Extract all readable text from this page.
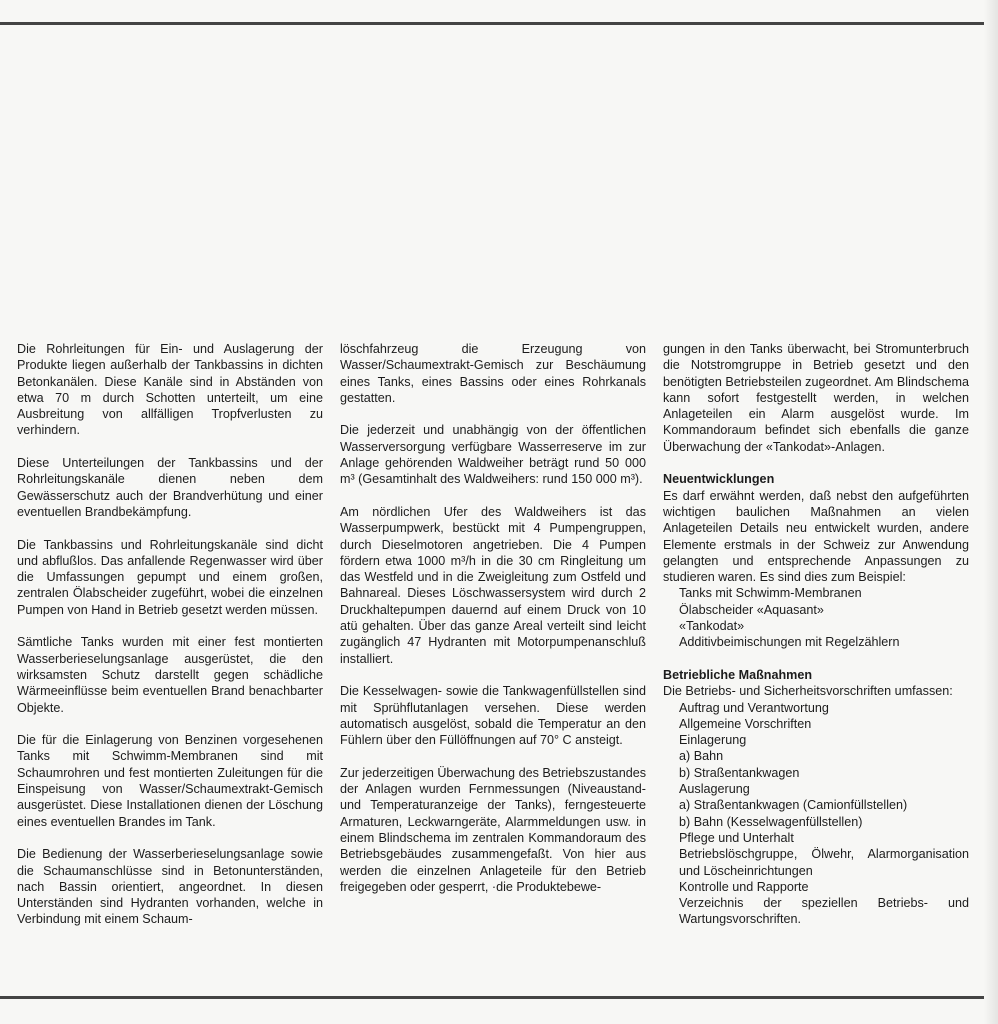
Die Rohrleitungen für Ein- und Auslagerung der Produkte liegen außerhalb der Tankbassins in dichten Betonkanälen. Diese Kanäle sind in Abständen von etwa 70 m durch Schotten unterteilt, um eine Ausbreitung von allfälligen Tropfverlusten zu verhindern.

Diese Unterteilungen der Tankbassins und der Rohrleitungskanäle dienen neben dem Gewässerschutz auch der Brandverhütung und einer eventuellen Brandbekämpfung.

Die Tankbassins und Rohrleitungskanäle sind dicht und abflußlos. Das anfallende Regenwasser wird über die Umfassungen gepumpt und einem großen, zentralen Ölabscheider zugeführt, wobei die einzelnen Pumpen von Hand in Betrieb gesetzt werden müssen.

Sämtliche Tanks wurden mit einer fest montierten Wasserberieselungsanlage ausgerüstet, die den wirksamsten Schutz darstellt gegen schädliche Wärmeeinflüsse beim eventuellen Brand benachbarter Objekte.

Die für die Einlagerung von Benzinen vorgesehenen Tanks mit Schwimm-Membranen sind mit Schaumrohren und fest montierten Zuleitungen für die Einspeisung von Wasser/Schaumextrakt-Gemisch ausgerüstet. Diese Installationen dienen der Löschung eines eventuellen Brandes im Tank.

Die Bedienung der Wasserberieselungsanlage sowie die Schaumanschlüsse sind in Betonunterständen, nach Bassin orientiert, angeordnet. In diesen Unterständen sind Hydranten vorhanden, welche in Verbindung mit einem Schaum-

löschfahrzeug die Erzeugung von Wasser/Schaumextrakt-Gemisch zur Beschäumung eines Tanks, eines Bassins oder eines Rohrkanals gestatten.

Die jederzeit und unabhängig von der öffentlichen Wasserversorgung verfügbare Wasserreserve im zur Anlage gehörenden Waldweiher beträgt rund 50 000 m³ (Gesamtinhalt des Waldweihers: rund 150 000 m³).

Am nördlichen Ufer des Waldweihers ist das Wasserpumpwerk, bestückt mit 4 Pumpengruppen, durch Dieselmotoren angetrieben. Die 4 Pumpen fördern etwa 1000 m³/h in die 30 cm Ringleitung um das Westfeld und in die Zweigleitung zum Ostfeld und Bahnareal. Dieses Löschwassersystem wird durch 2 Druckhaltepumpen dauernd auf einem Druck von 10 atü gehalten. Über das ganze Areal verteilt sind leicht zugänglich 47 Hydranten mit Motorpumpenanschluß installiert.

Die Kesselwagen- sowie die Tankwagenfüllstellen sind mit Sprühflutanlagen versehen. Diese werden automatisch ausgelöst, sobald die Temperatur an den Fühlern über den Füllöffnungen auf 70° C ansteigt.

Zur jederzeitigen Überwachung des Betriebszustandes der Anlagen wurden Fernmessungen (Niveaustand- und Temperaturanzeige der Tanks), ferngesteuerte Armaturen, Leckwarngeräte, Alarmmeldungen usw. in einem Blindschema im zentralen Kommandoraum des Betriebsgebäudes zusammengefaßt. Von hier aus werden die einzelnen Anlageteile für den Betrieb freigegeben oder gesperrt, ·die Produktebewe-

gungen in den Tanks überwacht, bei Stromunterbruch die Notstromgruppe in Betrieb gesetzt und den benötigten Betriebsteilen zugeordnet. Am Blindschema kann sofort festgestellt werden, in welchen Anlageteilen ein Alarm ausgelöst wurde. Im Kommandoraum befindet sich ebenfalls die ganze Überwachung der «Tankodat»-Anlagen.

Neuentwicklungen

Es darf erwähnt werden, daß nebst den aufgeführten wichtigen baulichen Maßnahmen an vielen Anlageteilen Details neu entwickelt wurden, andere Elemente erstmals in der Schweiz zur Anwendung gelangten und entsprechende Anpassungen zu studieren waren. Es sind dies zum Beispiel:

Tanks mit Schwimm-Membranen
Ölabscheider «Aquasant»
«Tankodat»
Additivbeimischungen mit Regelzählern
Betriebliche Maßnahmen

Die Betriebs- und Sicherheitsvorschriften umfassen:

Auftrag und Verantwortung
Allgemeine Vorschriften
Einlagerung
a) Bahn
b) Straßentankwagen
Auslagerung
a) Straßentankwagen (Camionfüllstellen)
b) Bahn (Kesselwagenfüllstellen)
Pflege und Unterhalt
Betriebslöschgruppe, Ölwehr, Alarmorganisation und Löscheinrichtungen
Kontrolle und Rapporte
Verzeichnis der speziellen Betriebs- und Wartungsvorschriften.
